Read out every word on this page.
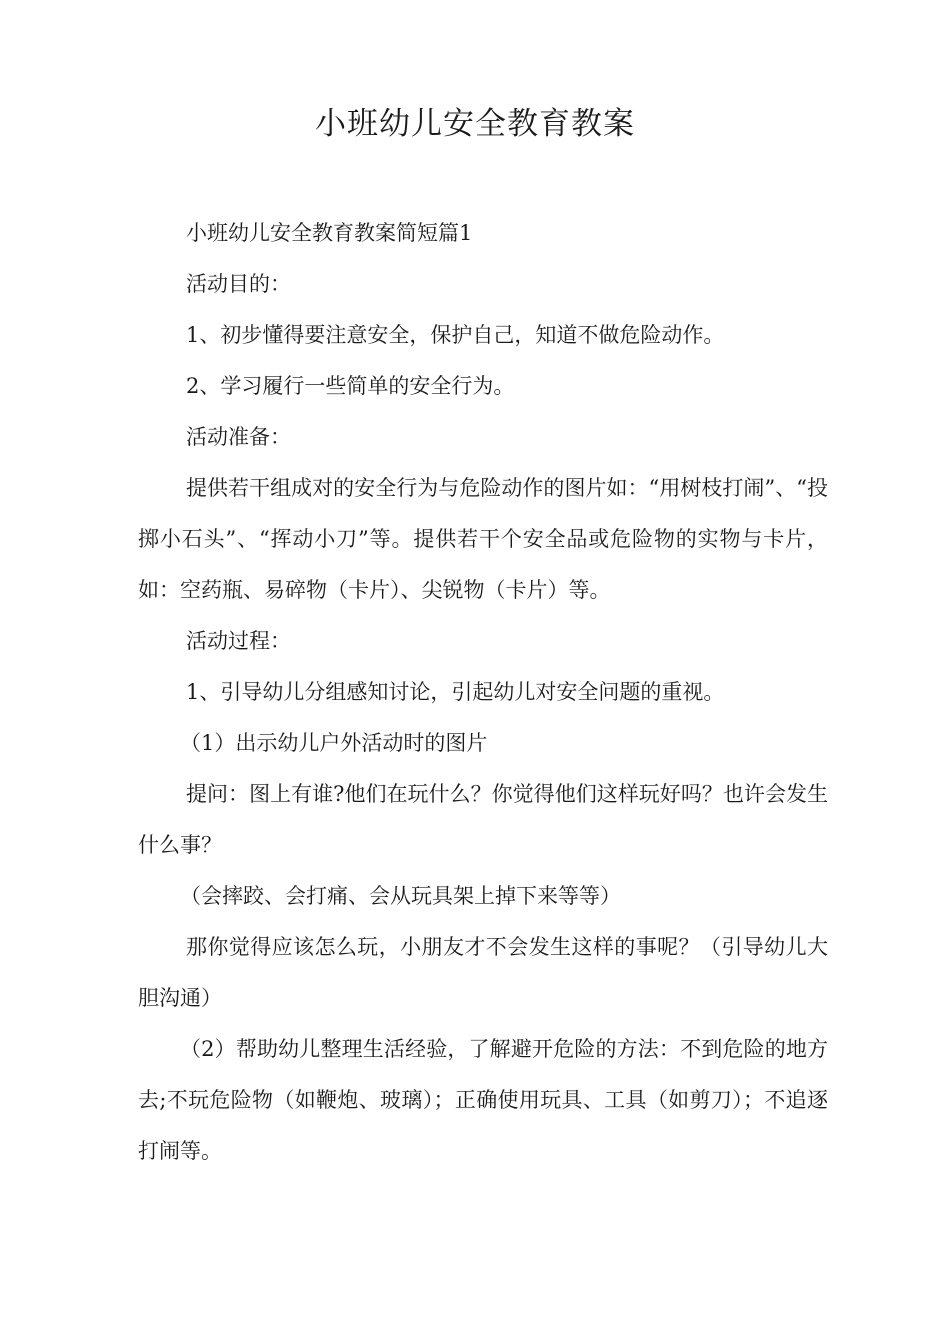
小班幼儿安全教育教案

小班幼儿安全教育教案简短篇1

活动目的：

1、初步懂得要注意安全，保护自己，知道不做危险动作。

2、学习履行一些简单的安全行为。

活动准备：

提供若干组成对的安全行为与危险动作的图片如：“用树枝打闹”、“投掷小石头”、“挥动小刀”等。提供若干个安全品或危险物的实物与卡片，如：空药瓶、易碎物（卡片）、尖锐物（卡片）等。

活动过程：

1、引导幼儿分组感知讨论，引起幼儿对安全问题的重视。

（1）出示幼儿户外活动时的图片

提问：图上有谁?他们在玩什么？你觉得他们这样玩好吗？也许会发生什么事？

（会摔跤、会打痛、会从玩具架上掉下来等等）

那你觉得应该怎么玩，小朋友才不会发生这样的事呢？（引导幼儿大胆沟通）

（2）帮助幼儿整理生活经验，了解避开危险的方法：不到危险的地方去;不玩危险物（如鞭炮、玻璃）；正确使用玩具、工具（如剪刀）；不追逐打闹等。
